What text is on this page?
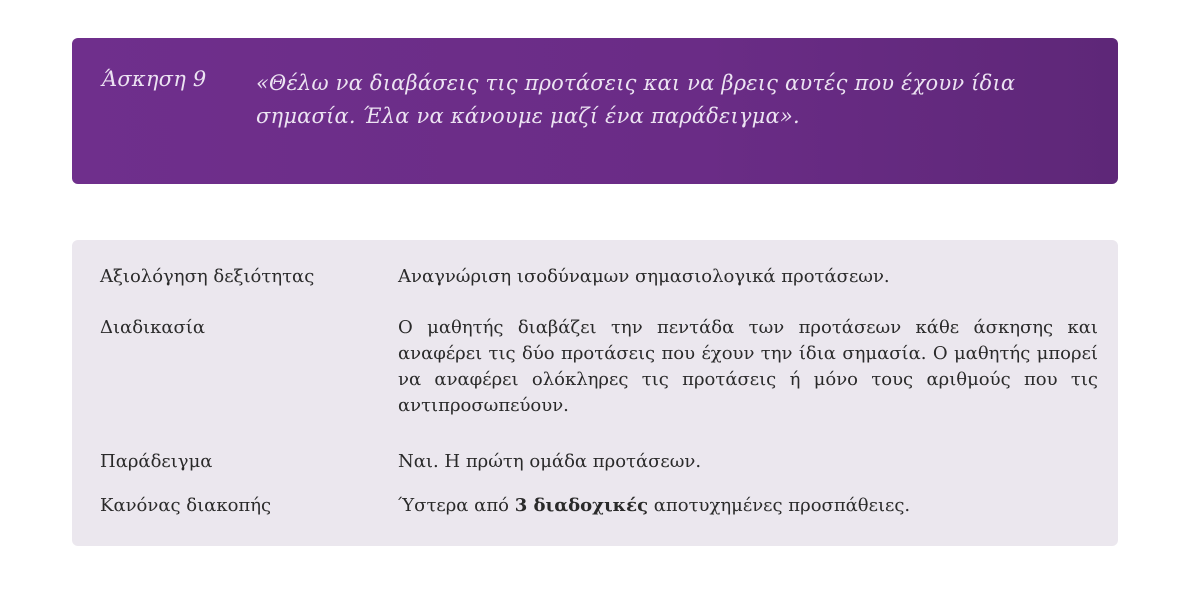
Άσκηση 9 «Θέλω να διαβάσεις τις προτάσεις και να βρεις αυτές που έχουν ίδια σημασία. Έλα να κάνουμε μαζί ένα παράδειγμα».
Αξιολόγηση δεξιότητας	Αναγνώριση ισοδύναμων σημασιολογικά προτάσεων.
Διαδικασία	Ο μαθητής διαβάζει την πεντάδα των προτάσεων κάθε άσκησης και αναφέρει τις δύο προτάσεις που έχουν την ίδια σημασία. Ο μαθητής μπορεί να αναφέρει ολόκληρες τις προτάσεις ή μόνο τους αριθμούς που τις αντιπροσωπεύουν.
Παράδειγμα	Ναι. Η πρώτη ομάδα προτάσεων.
Κανόνας διακοπής	Ύστερα από 3 διαδοχικές αποτυχημένες προσπάθειες.
